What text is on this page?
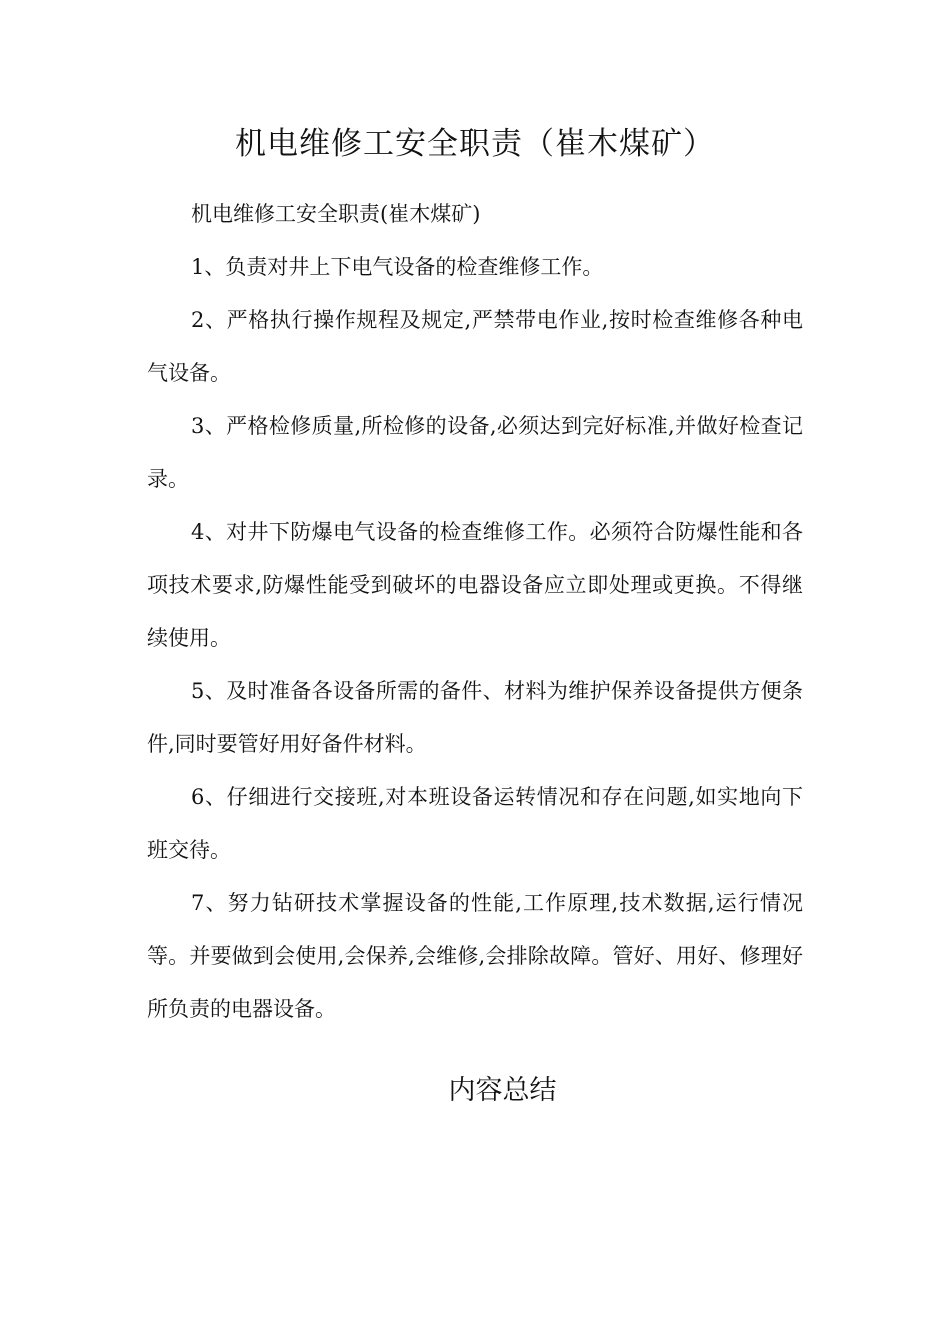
机电维修工安全职责（崔木煤矿）

机电维修工安全职责(崔木煤矿)

1、负责对井上下电气设备的检查维修工作。

2、严格执行操作规程及规定,严禁带电作业,按时检查维修各种电气设备。

3、严格检修质量,所检修的设备,必须达到完好标准,并做好检查记录。

4、对井下防爆电气设备的检查维修工作。必须符合防爆性能和各项技术要求,防爆性能受到破坏的电器设备应立即处理或更换。不得继续使用。

5、及时准备各设备所需的备件、材料为维护保养设备提供方便条件,同时要管好用好备件材料。

6、仔细进行交接班,对本班设备运转情况和存在问题,如实地向下班交待。

7、努力钻研技术掌握设备的性能,工作原理,技术数据,运行情况等。并要做到会使用,会保养,会维修,会排除故障。管好、用好、修理好所负责的电器设备。

内容总结
